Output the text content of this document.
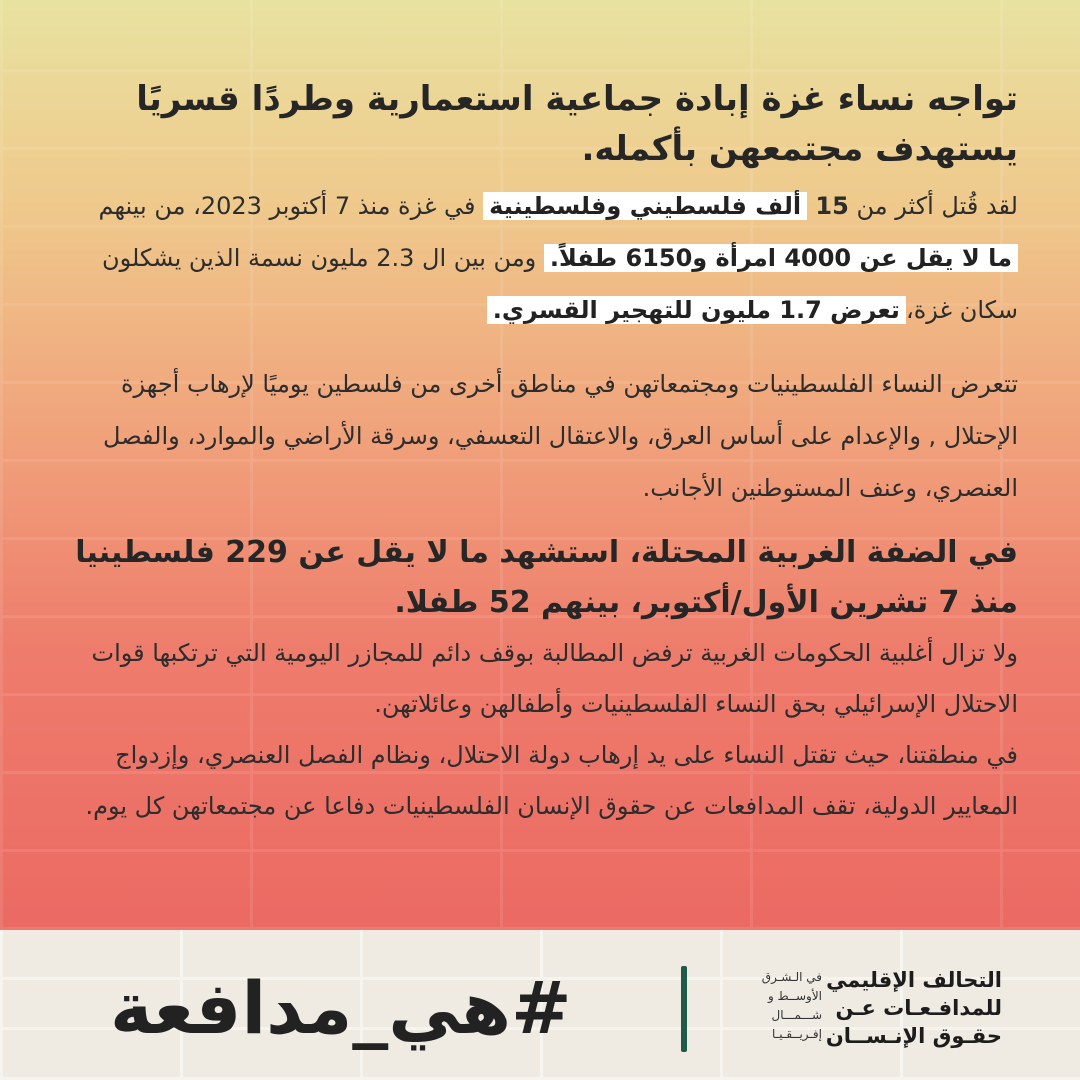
تواجه نساء غزة إبادة جماعية استعمارية وطردًا قسريًا يستهدف مجتمعهن بأكمله.

لقد قُتل أكثر من 15 ألف فلسطيني وفلسطينية في غزة منذ 7 أكتوبر 2023، من بينهم ما لا يقل عن 4000 امرأة و6150 طفلاً. ومن بين ال 2.3 مليون نسمة الذين يشكلون سكان غزة،تعرض 1.7 مليون للتهجير القسري.

تتعرض النساء الفلسطينيات ومجتمعاتهن في مناطق أخرى من فلسطين يوميًا لإرهاب أجهزة الإحتلال , والإعدام على أساس العرق، والاعتقال التعسفي، وسرقة الأراضي والموارد، والفصل العنصري، وعنف المستوطنين الأجانب.

في الضفة الغربية المحتلة، استشهد ما لا يقل عن 229 فلسطينيا منذ 7 تشرين الأول/أكتوبر، بينهم 52 طفلا.

ولا تزال أغلبية الحكومات الغربية ترفض المطالبة بوقف دائم للمجازر اليومية التي ترتكبها قوات الاحتلال الإسرائيلي بحق النساء الفلسطينيات وأطفالهن وعائلاتهن.

في منطقتنا، حيث تقتل النساء على يد إرهاب دولة الاحتلال، ونظام الفصل العنصري، وإزدواج المعايير الدولية، تقف المدافعات عن حقوق الإنسان الفلسطينيات دفاعا عن مجتمعاتهن كل يوم.

#هي_مدافعة	التحالف الإقليمي
للمدافـعـات عـن
حقـوق الإنـســان
في الـشـرق
الأوســط و
شـــمـــال
إفـريــقـيـا
